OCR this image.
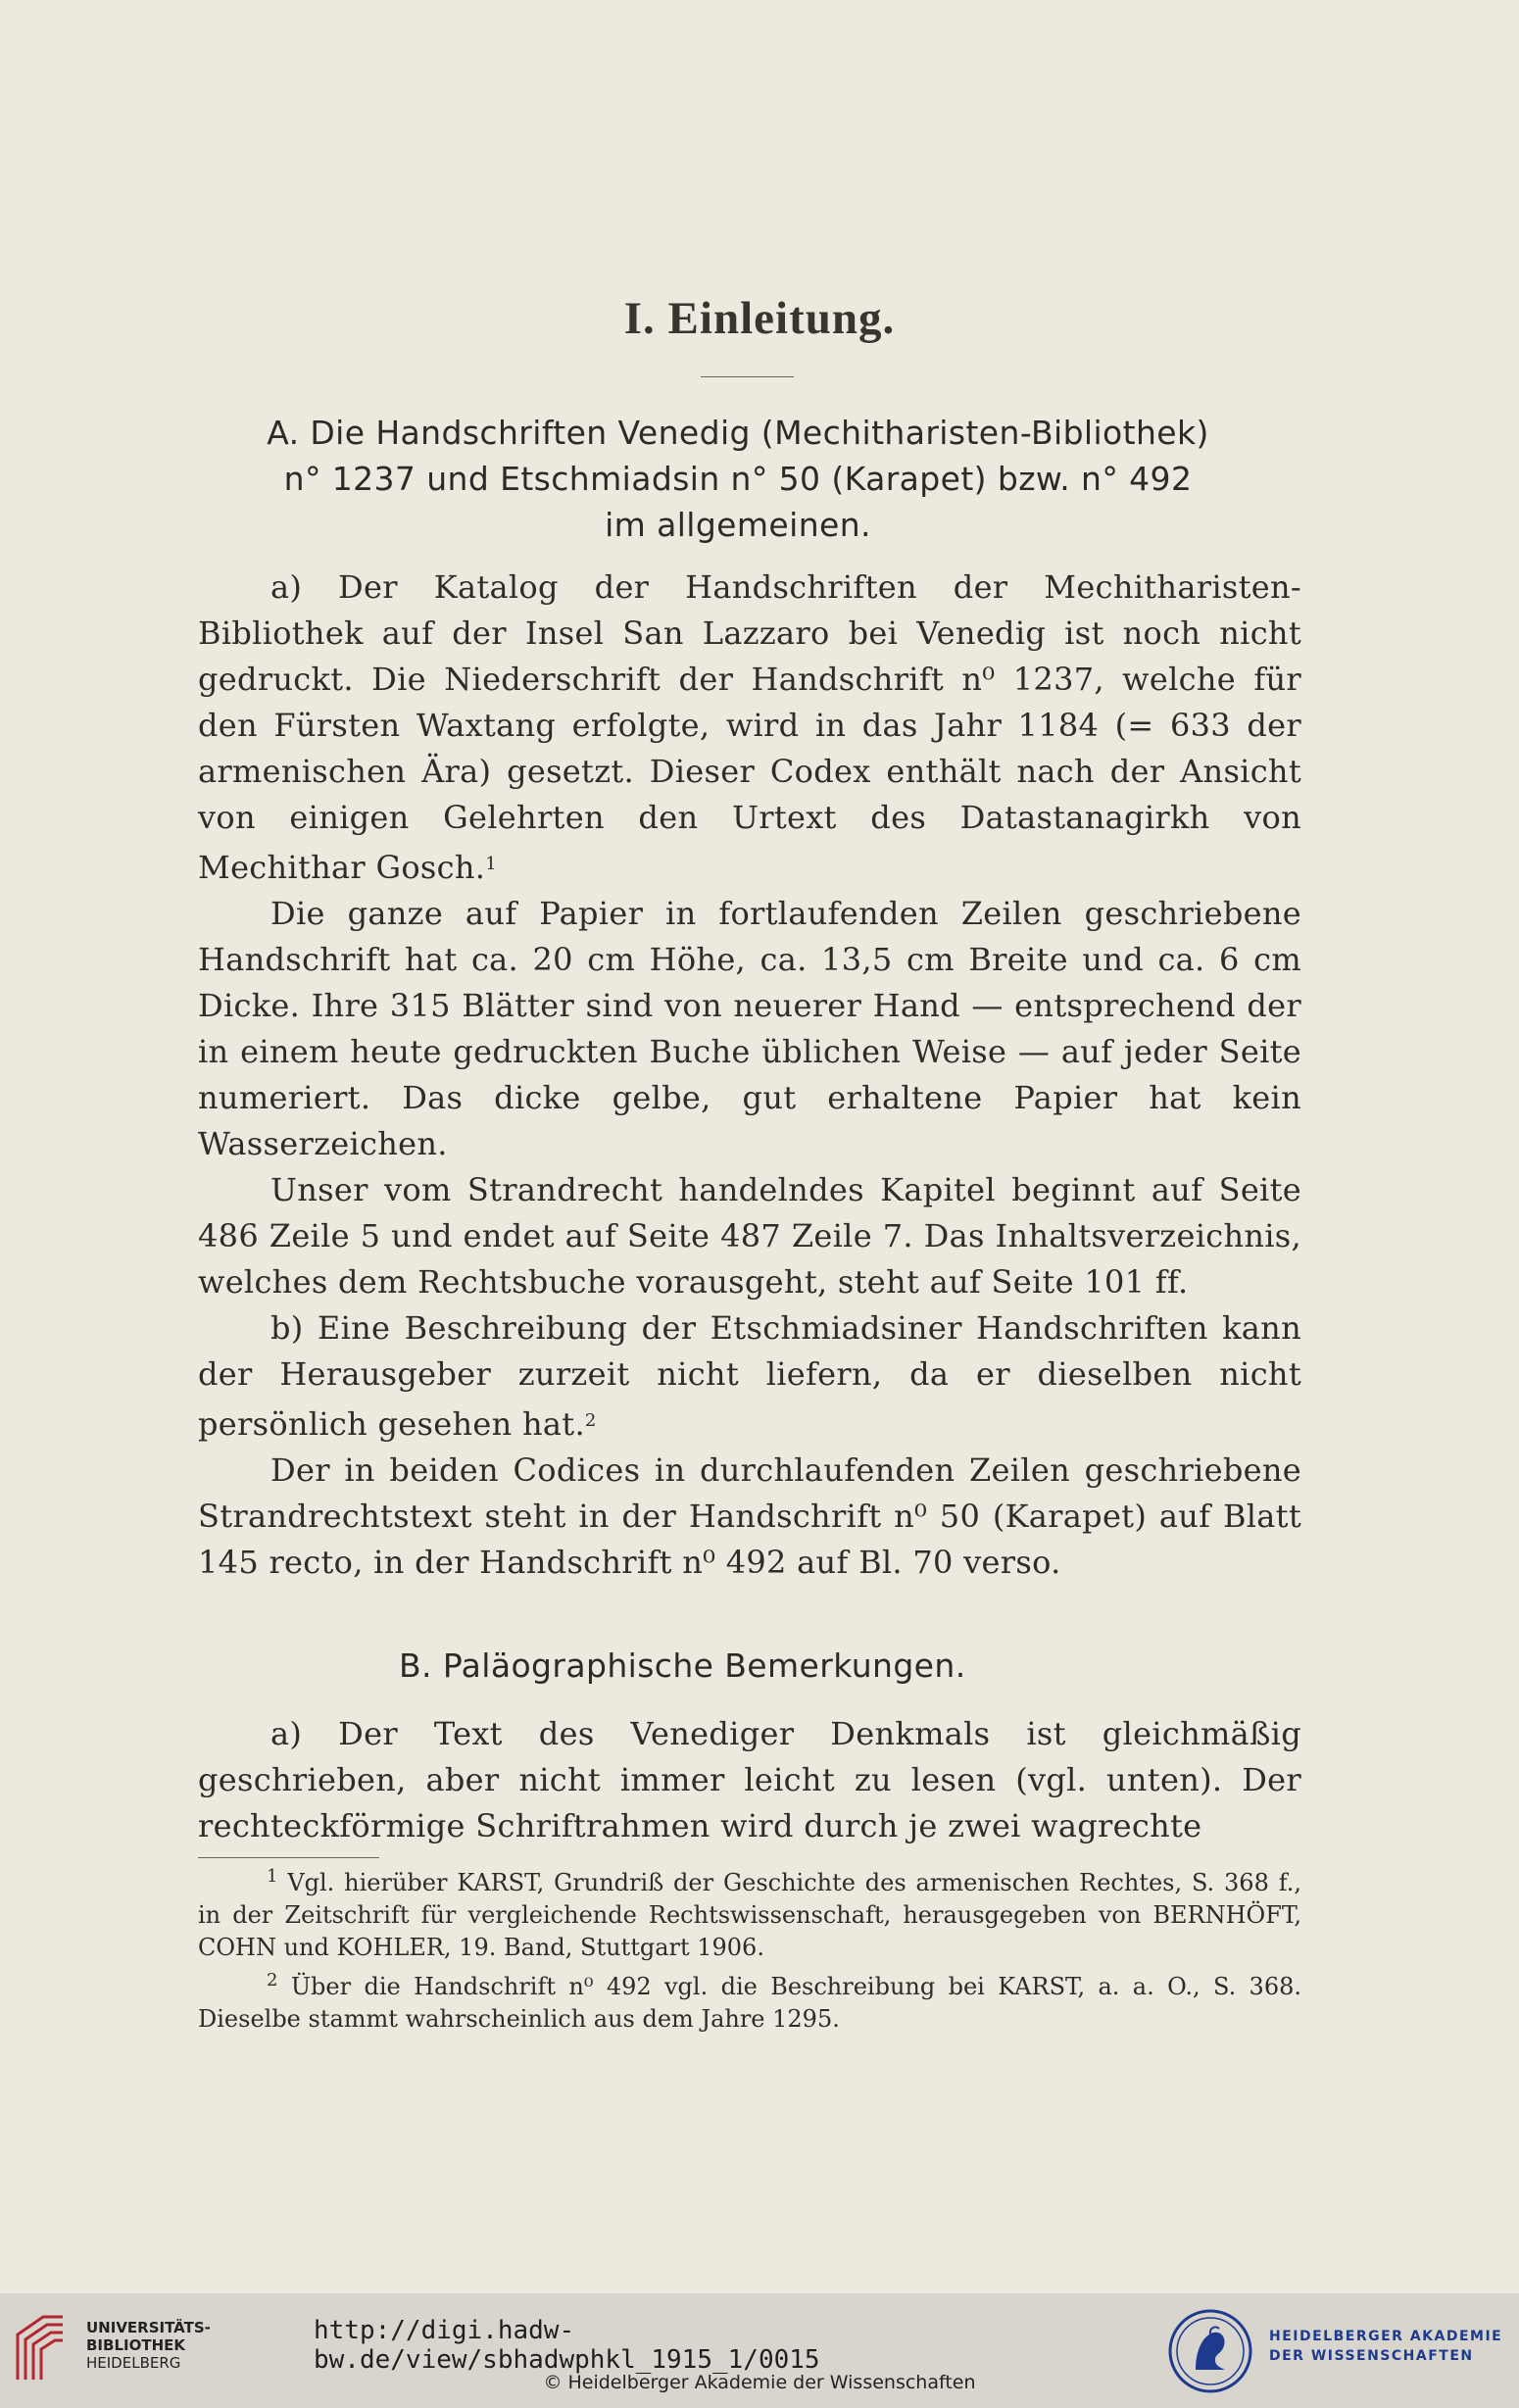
I. Einleitung.
A. Die Handschriften Venedig (Mechitharisten-Bibliothek)
n° 1237 und Etschmiadsin n° 50 (Karapet) bzw. n° 492
im allgemeinen.

a) Der Katalog der Handschriften der Mechitharisten-Bibliothek auf der Insel San Lazzaro bei Venedig ist noch nicht gedruckt. Die Niederschrift der Handschrift n⁰ 1237, welche für den Fürsten Waxtang erfolgte, wird in das Jahr 1184 (= 633 der armenischen Ära) gesetzt. Dieser Codex enthält nach der Ansicht von einigen Gelehrten den Urtext des Datastanagirkh von Mechithar Gosch.$^1$

Die ganze auf Papier in fortlaufenden Zeilen geschriebene Handschrift hat ca. 20 cm Höhe, ca. 13,5 cm Breite und ca. 6 cm Dicke. Ihre 315 Blätter sind von neuerer Hand — entsprechend der in einem heute gedruckten Buche üblichen Weise — auf jeder Seite numeriert. Das dicke gelbe, gut erhaltene Papier hat kein Wasserzeichen.

Unser vom Strandrecht handelndes Kapitel beginnt auf Seite 486 Zeile 5 und endet auf Seite 487 Zeile 7. Das Inhaltsverzeichnis, welches dem Rechtsbuche vorausgeht, steht auf Seite 101 ff.

b) Eine Beschreibung der Etschmiadsiner Handschriften kann der Herausgeber zurzeit nicht liefern, da er dieselben nicht persönlich gesehen hat.$^2$

Der in beiden Codices in durchlaufenden Zeilen geschriebene Strandrechtstext steht in der Handschrift n⁰ 50 (Karapet) auf Blatt 145 recto, in der Handschrift n⁰ 492 auf Bl. 70 verso.

B. Paläographische Bemerkungen.

a) Der Text des Venediger Denkmals ist gleichmäßig geschrieben, aber nicht immer leicht zu lesen (vgl. unten). Der rechteckförmige Schriftrahmen wird durch je zwei wagrechte

$^1$ Vgl. hierüber KARST, Grundriß der Geschichte des armenischen Rechtes, S. 368 f., in der Zeitschrift für vergleichende Rechtswissenschaft, herausgegeben von BERNHÖFT, COHN und KOHLER, 19. Band, Stuttgart 1906.

$^2$ Über die Handschrift n⁰ 492 vgl. die Beschreibung bei KARST, a. a. O., S. 368. Dieselbe stammt wahrscheinlich aus dem Jahre 1295.

UNIVERSITÄTS-
BIBLIOTHEK
HEIDELBERG
http://digi.hadw-bw.de/view/sbhadwphkl_1915_1/0015
© Heidelberger Akademie der Wissenschaften
HEIDELBERGER AKADEMIE
DER WISSENSCHAFTEN
